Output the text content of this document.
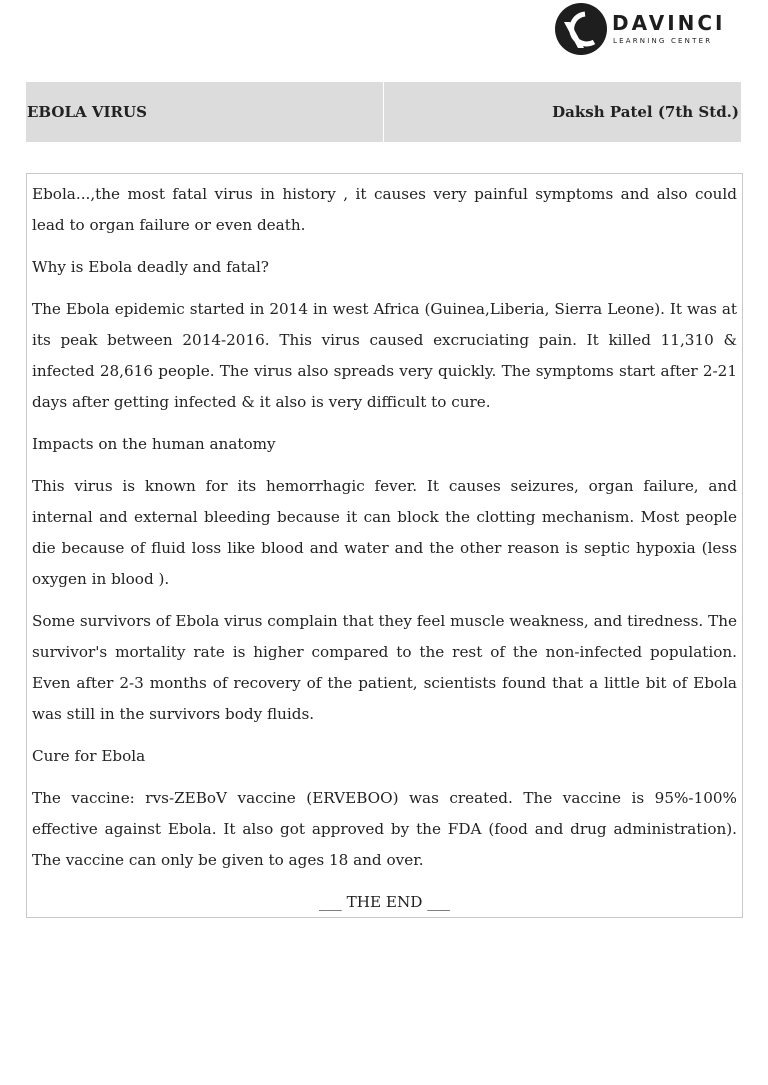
DAVINCI
LEARNING CENTER
EBOLA VIRUS	Daksh Patel (7th Std.)

Ebola...,the most fatal virus in history , it causes very painful symptoms and also could lead to organ failure or even death.

Why is Ebola deadly and fatal?

The Ebola epidemic started in 2014 in west Africa (Guinea,Liberia, Sierra Leone). It was at its peak between 2014-2016. This virus caused excruciating pain. It killed 11,310 & infected 28,616 people. The virus also spreads very quickly. The symptoms start after 2-21 days after getting infected & it also is very difficult to cure.

Impacts on the human anatomy

This virus is known for its hemorrhagic fever. It causes seizures, organ failure, and internal and external bleeding because it can block the clotting mechanism. Most people die because of fluid loss like blood and water and the other reason is septic hypoxia (less oxygen in blood ).

Some survivors of Ebola virus complain that they feel muscle weakness, and tiredness. The survivor's mortality rate is higher compared to the rest of the non-infected population. Even after 2-3 months of recovery of the patient, scientists found that a little bit of Ebola was still in the survivors body fluids.

Cure for Ebola

The vaccine: rvs-ZEBoV vaccine (ERVEBOO) was created. The vaccine is 95%-100% effective against Ebola. It also got approved by the FDA (food and drug administration). The vaccine can only be given to ages 18 and over.

___ THE END ___
